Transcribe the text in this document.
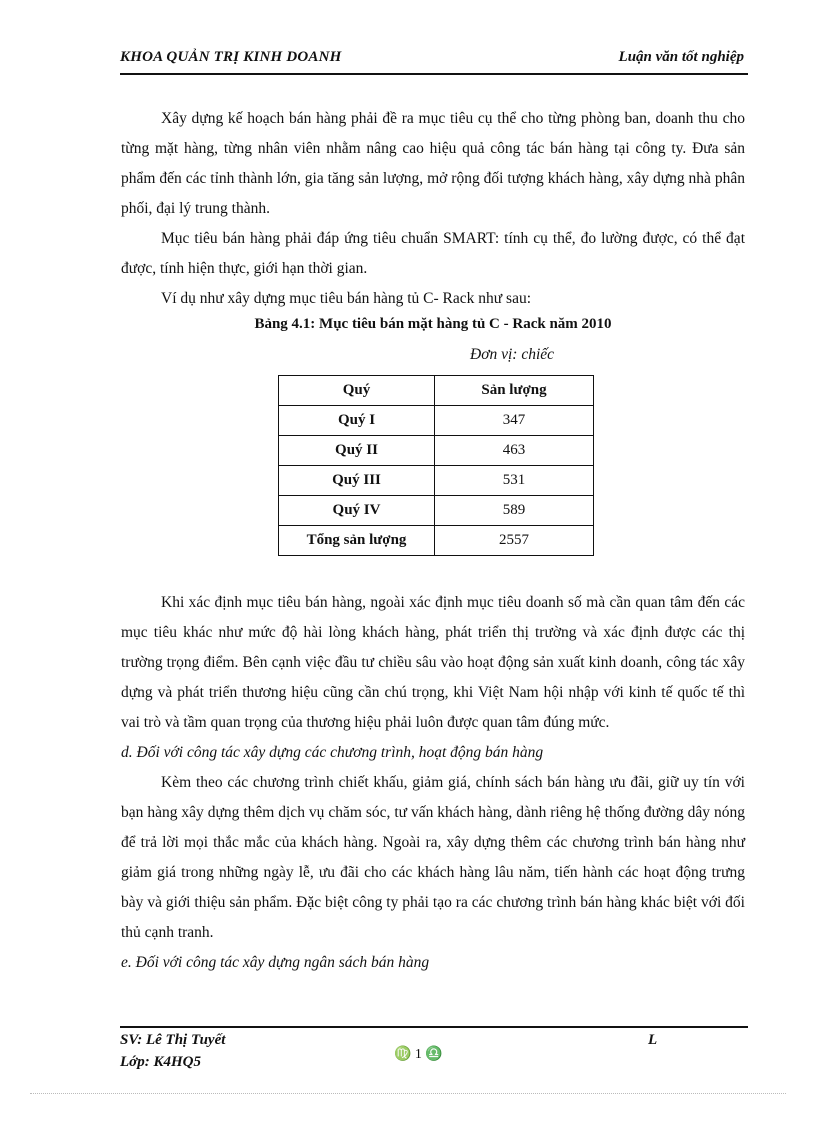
KHOA QUẢN TRỊ KINH DOANH	Luận văn tốt nghiệp

Xây dựng kế hoạch bán hàng phải đề ra mục tiêu cụ thể cho từng phòng ban, doanh thu cho từng mặt hàng, từng nhân viên nhằm nâng cao hiệu quả công tác bán hàng tại công ty. Đưa sản phẩm đến các tỉnh thành lớn, gia tăng sản lượng, mở rộng đối tượng khách hàng, xây dựng nhà phân phối, đại lý trung thành.

Mục tiêu bán hàng phải đáp ứng tiêu chuẩn SMART: tính cụ thể, đo lường được, có thể đạt được, tính hiện thực, giới hạn thời gian.

Ví dụ như xây dựng mục tiêu bán hàng tủ C- Rack như sau:

Bảng 4.1: Mục tiêu bán mặt hàng tủ C - Rack năm 2010
Đơn vị: chiếc
Quý	Sản lượng
Quý I	347
Quý II	463
Quý III	531
Quý IV	589
Tổng sản lượng	2557

Khi xác định mục tiêu bán hàng, ngoài xác định mục tiêu doanh số mà cần quan tâm đến các mục tiêu khác như mức độ hài lòng khách hàng, phát triển thị trường và xác định được các thị trường trọng điểm. Bên cạnh việc đầu tư chiều sâu vào hoạt động sản xuất kinh doanh, công tác xây dựng và phát triển thương hiệu cũng cần chú trọng, khi Việt Nam hội nhập với kinh tế quốc tế thì vai trò và tầm quan trọng của thương hiệu phải luôn được quan tâm đúng mức.

d. Đối với công tác xây dựng các chương trình, hoạt động bán hàng

Kèm theo các chương trình chiết khấu, giảm giá, chính sách bán hàng ưu đãi, giữ uy tín với bạn hàng xây dựng thêm dịch vụ chăm sóc, tư vấn khách hàng, dành riêng hệ thống đường dây nóng để trả lời mọi thắc mắc của khách hàng. Ngoài ra, xây dựng thêm các chương trình bán hàng như giảm giá trong những ngày lễ, ưu đãi cho các khách hàng lâu năm, tiến hành các hoạt động trưng bày và giới thiệu sản phẩm. Đặc biệt công ty phải tạo ra các chương trình bán hàng khác biệt với đối thủ cạnh tranh.

e. Đối với công tác xây dựng ngân sách bán hàng

SV: Lê Thị Tuyết
Lớp: K4HQ5	♍ 1 ♎
L
